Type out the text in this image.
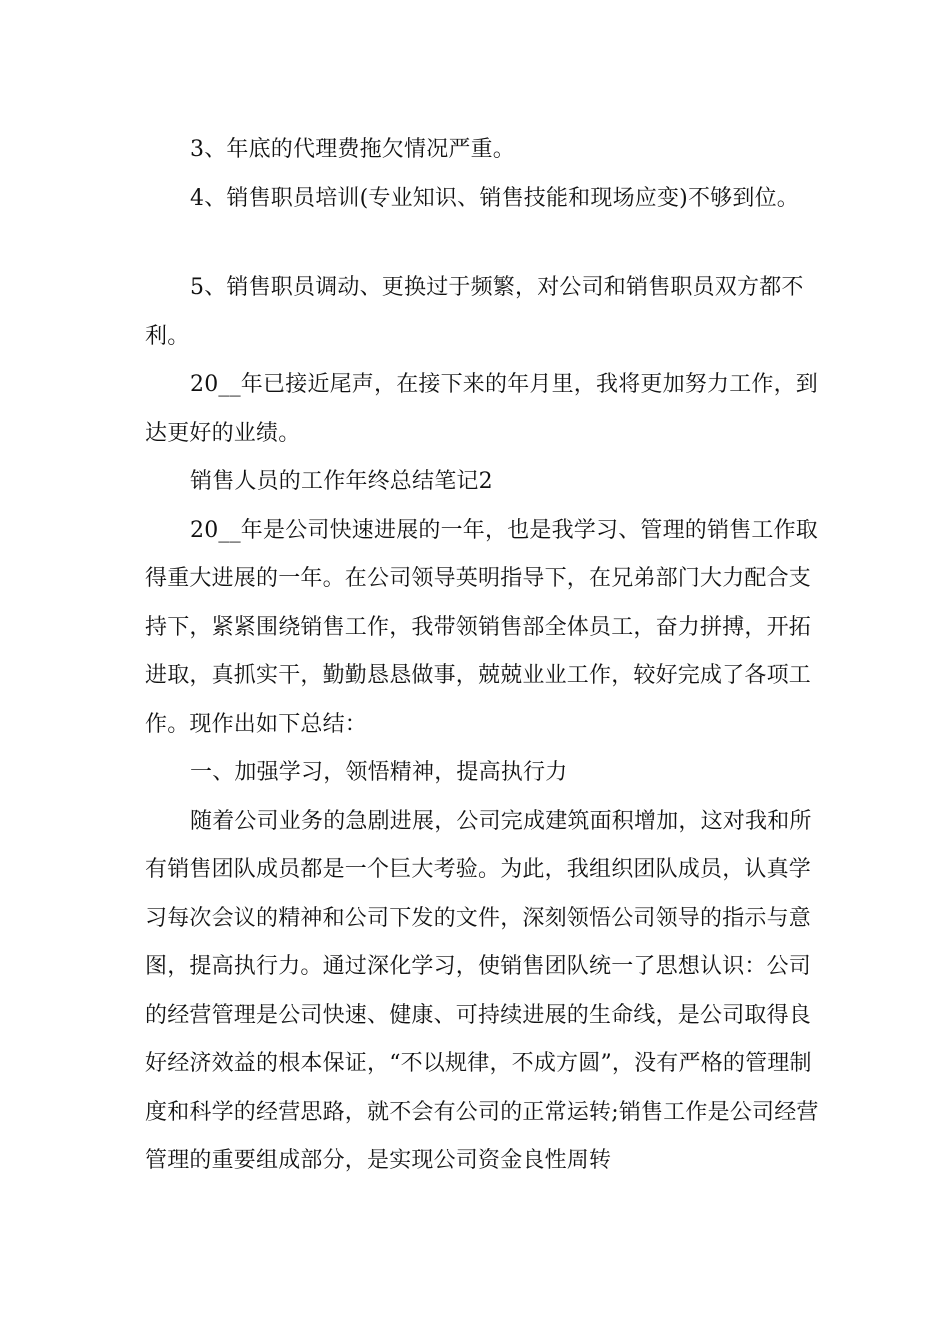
3、年底的代理费拖欠情况严重。

4、销售职员培训(专业知识、销售技能和现场应变)不够到位。

5、销售职员调动、更换过于频繁，对公司和销售职员双方都不利。

20__年已接近尾声，在接下来的年月里，我将更加努力工作，到达更好的业绩。

销售人员的工作年终总结笔记2

20__年是公司快速进展的一年，也是我学习、管理的销售工作取得重大进展的一年。在公司领导英明指导下，在兄弟部门大力配合支持下，紧紧围绕销售工作，我带领销售部全体员工，奋力拼搏，开拓进取，真抓实干，勤勤恳恳做事，兢兢业业工作，较好完成了各项工作。现作出如下总结：

一、加强学习，领悟精神，提高执行力

随着公司业务的急剧进展，公司完成建筑面积增加，这对我和所有销售团队成员都是一个巨大考验。为此，我组织团队成员，认真学习每次会议的精神和公司下发的文件，深刻领悟公司领导的指示与意图，提高执行力。通过深化学习，使销售团队统一了思想认识：公司的经营管理是公司快速、健康、可持续进展的生命线，是公司取得良好经济效益的根本保证，“不以规律，不成方圆”，没有严格的管理制度和科学的经营思路，就不会有公司的正常运转;销售工作是公司经营管理的重要组成部分，是实现公司资金良性周转
